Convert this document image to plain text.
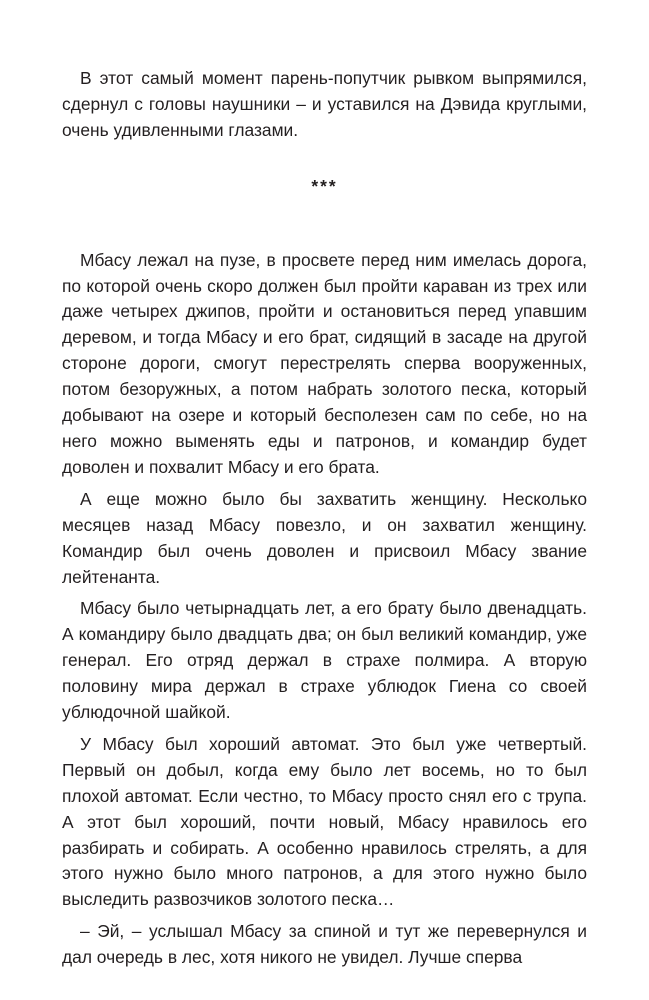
В этот самый момент парень-попутчик рывком выпрямился, сдернул с головы наушники – и уставился на Дэвида круглыми, очень удивленными глазами.

***

Мбасу лежал на пузе, в просвете перед ним имелась дорога, по которой очень скоро должен был пройти караван из трех или даже четырех джипов, пройти и остановиться перед упавшим деревом, и тогда Мбасу и его брат, сидящий в засаде на другой стороне дороги, смогут перестрелять сперва вооруженных, потом безоружных, а потом набрать золотого песка, который добывают на озере и который бесполезен сам по себе, но на него можно выменять еды и патронов, и командир будет доволен и похвалит Мбасу и его брата.

А еще можно было бы захватить женщину. Несколько месяцев назад Мбасу повезло, и он захватил женщину. Командир был очень доволен и присвоил Мбасу звание лейтенанта.

Мбасу было четырнадцать лет, а его брату было двенадцать. А командиру было двадцать два; он был великий командир, уже генерал. Его отряд держал в страхе полмира. А вторую половину мира держал в страхе ублюдок Гиена со своей ублюдочной шайкой.

У Мбасу был хороший автомат. Это был уже четвертый. Первый он добыл, когда ему было лет восемь, но то был плохой автомат. Если честно, то Мбасу просто снял его с трупа. А этот был хороший, почти новый, Мбасу нравилось его разбирать и собирать. А особенно нравилось стрелять, а для этого нужно было много патронов, а для этого нужно было выследить развозчиков золотого песка…

– Эй, – услышал Мбасу за спиной и тут же перевернулся и дал очередь в лес, хотя никого не увидел. Лучше сперва
